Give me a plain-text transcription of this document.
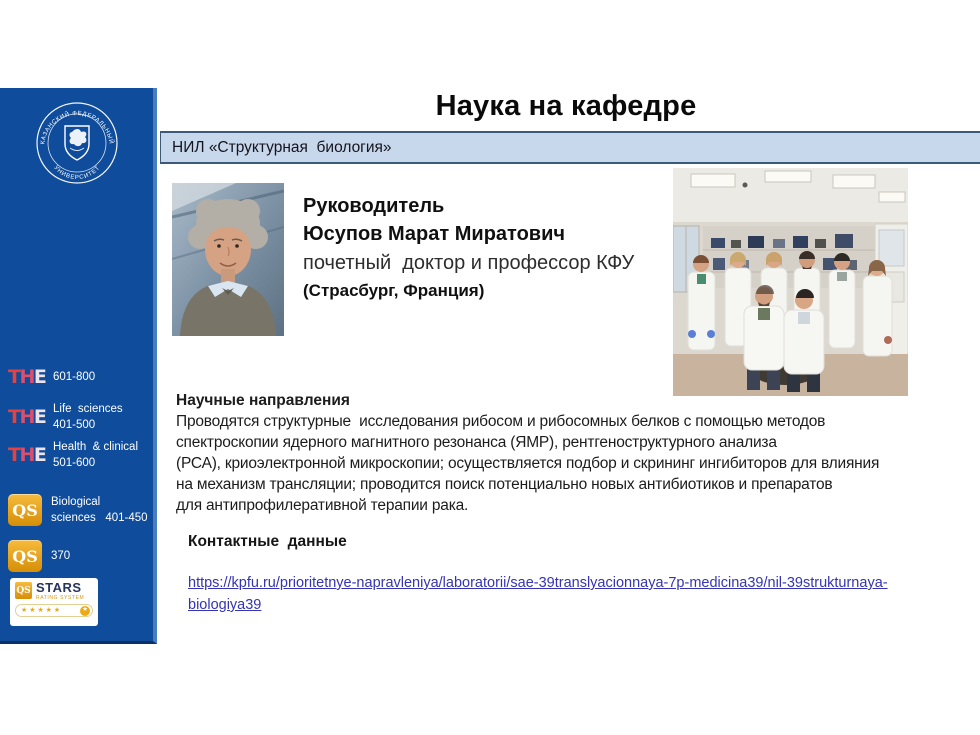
Наука на кафедре
КАЗАНСКИЙ ФЕДЕРАЛЬНЫЙ
УНИВЕРСИТЕТ
T H E 601-800
T H E Life  sciences
401-500
T H E Health  & clinical
501-600
QS	Biological
sciences   401-450
QS	370
QS STARS
RATING SYSTEM
★ ★ ★ ★ ★	★
НИЛ «Структурная  биология»
Руководитель
Юсупов Марат Миратович
почетный  доктор и профессор КФУ
(Страсбург, Франция)
Научные направления
Проводятся структурные  исследования рибосом и рибосомных белков с помощью методов
спектроскопии ядерного магнитного резонанса (ЯМР), рентгеноструктурного анализа
(РСА), криоэлектронной микроскопии; осуществляется подбор и скрининг ингибиторов для влияния
на механизм трансляции; проводится поиск потенциально новых антибиотиков и препаратов
для антипрофилеративной терапии рака.
Контактные  данные
https://kpfu.ru/prioritetnye-napravleniya/laboratorii/sae-39translyacionnaya-7p-medicina39/nil-39strukturnaya-
biologiya39
